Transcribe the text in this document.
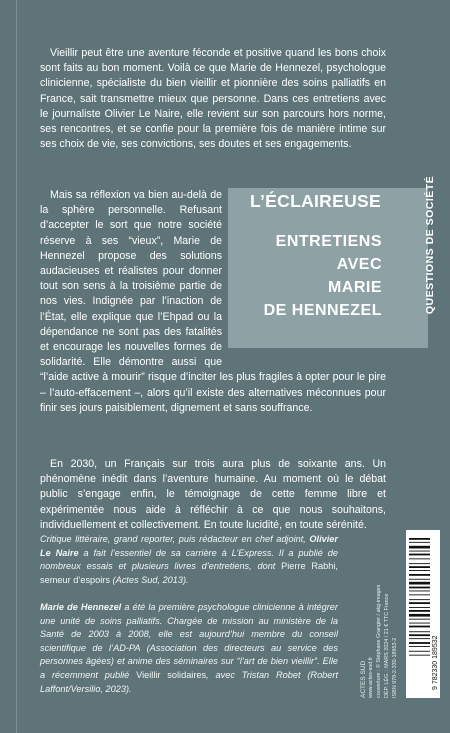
Vieillir peut être une aventure féconde et positive quand les bons choix sont faits au bon moment. Voilà ce que Marie de Hennezel, psychologue clinicienne, spécialiste du bien vieillir et pionnière des soins palliatifs en France, sait transmettre mieux que personne. Dans ces entretiens avec le journaliste Olivier Le Naire, elle revient sur son parcours hors norme, ses rencontres, et se confie pour la première fois de manière intime sur ses choix de vie, ses convictions, ses doutes et ses engagements.

L’ÉCLAIREUSE
ENTRETIENS
AVEC
MARIE
DE HENNEZEL
Mais sa réflexion va bien au-delà de la sphère personnelle. Refusant d’accepter le sort que notre société réserve à ses “vieux”, Marie de Hennezel propose des solutions audacieuses et réalistes pour donner tout son sens à la troisième partie de nos vies. Indignée par l’inaction de l’État, elle explique que l’Ehpad ou la dépendance ne sont pas des fatalités et encourage les nouvelles formes de solidarité. Elle démontre aussi que “l’aide active à mourir” risque d’inciter les plus fragiles à opter pour le pire – l’auto-effacement –, alors qu’il existe des alternatives méconnues pour finir ses jours paisiblement, dignement et sans souffrance.

QUESTIONS DE SOCIÉTÉ

En 2030, un Français sur trois aura plus de soixante ans. Un phénomène inédit dans l’aventure humaine. Au moment où le débat public s’engage enfin, le témoignage de cette femme libre et expérimentée nous aide à réfléchir à ce que nous souhaitons, individuellement et collectivement. En toute lucidité, en toute sérénité.

Critique littéraire, grand reporter, puis rédacteur en chef adjoint, Olivier Le Naire a fait l’essentiel de sa carrière à L’Express. Il a publié de nombreux essais et plusieurs livres d’entretiens, dont Pierre Rabhi, semeur d’espoirs (Actes Sud, 2013).

Marie de Hennezel a été la première psychologue clinicienne à intégrer une unité de soins palliatifs. Chargée de mission au ministère de la Santé de 2003 à 2008, elle est aujourd’hui membre du conseil scientifique de l’AD-PA (Association des directeurs au service des personnes âgées) et anime des séminaires sur “l’art de bien vieillir”. Elle a récemment publié Vieillir solidaires, avec Tristan Robet (Robert Laffont/Versilio, 2023).	ACTES SUD www.actes-sud.fr couverture : © Stéphane Grangier / akg-images DÉP. LÉG. : MARS 2024 / 21 € TTC France ISBN 978-2-330-18953-2	9 782330 189532
